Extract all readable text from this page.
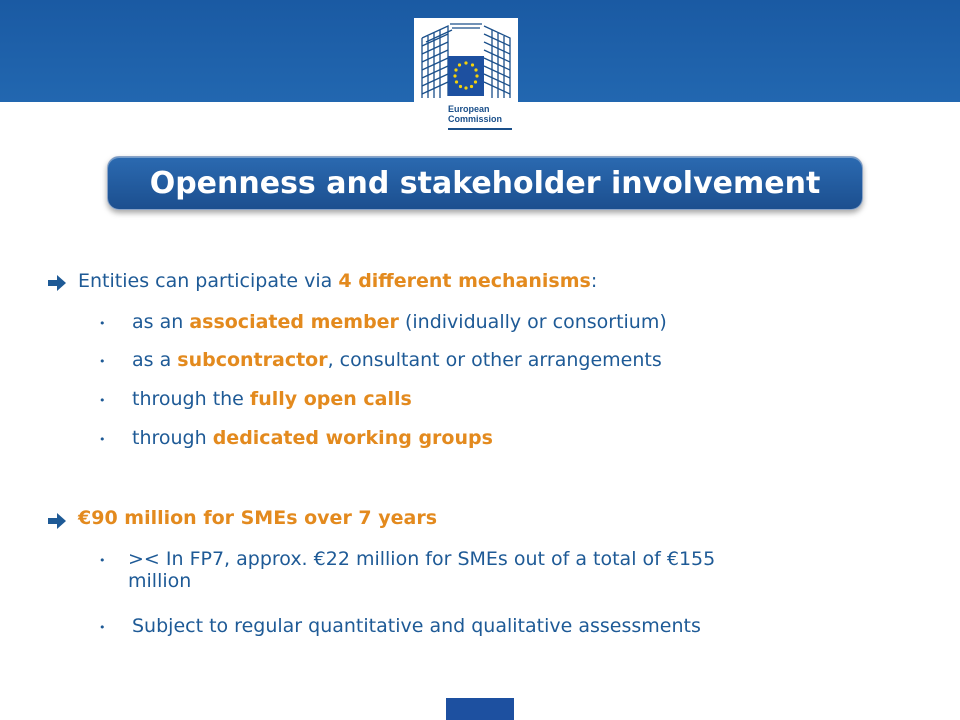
European
Commission
Openness and stakeholder involvement
Entities can participate via 4 different mechanisms:
• as an associated member (individually or consortium)
• as a subcontractor, consultant or other arrangements
• through the fully open calls
• through dedicated working groups
€90 million for SMEs over 7 years
• >< In FP7, approx. €22 million for SMEs out of a total of €155
million
• Subject to regular quantitative and qualitative assessments
